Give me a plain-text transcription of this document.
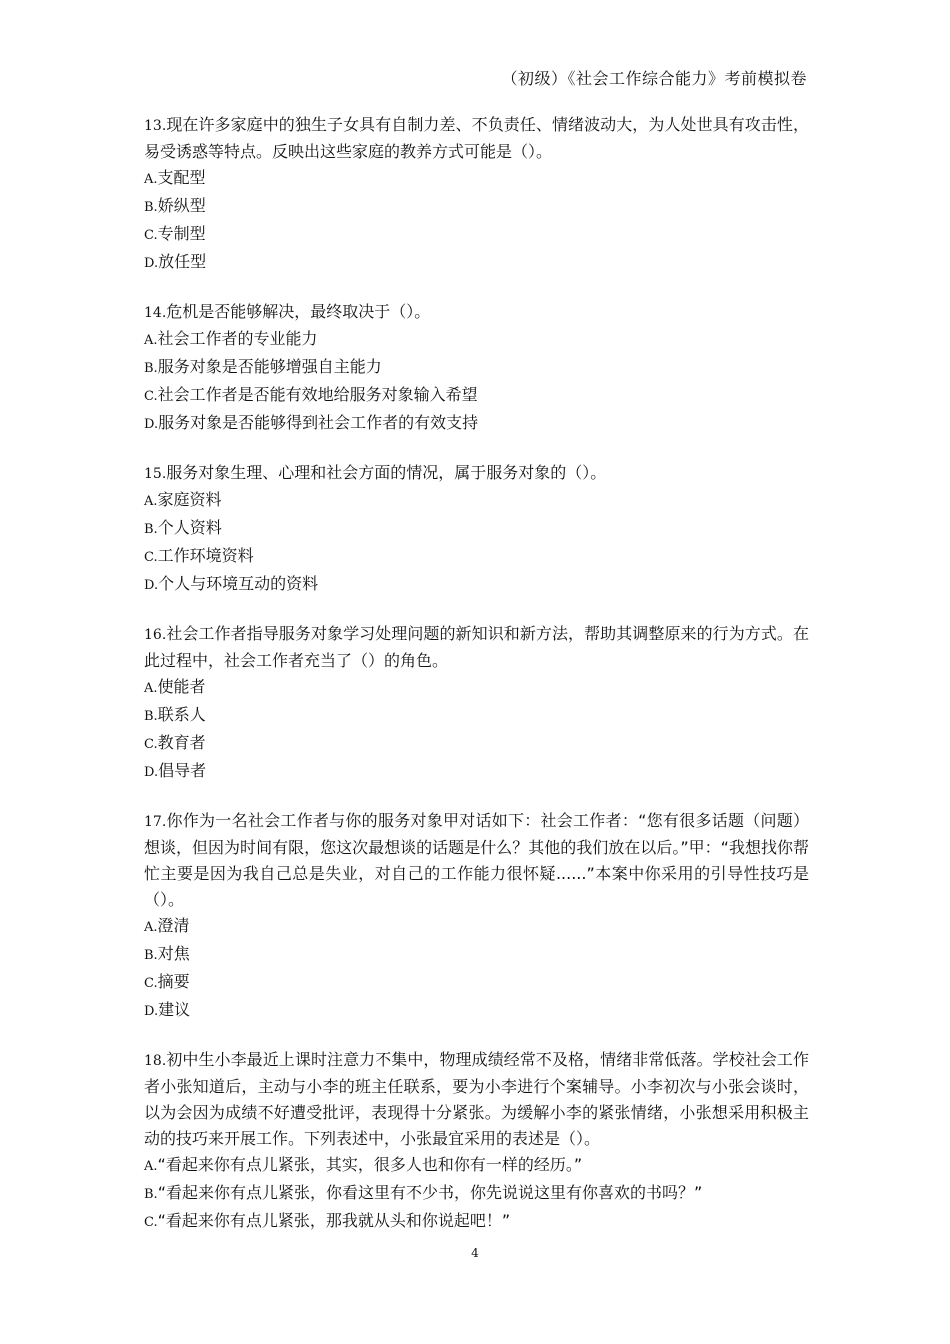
（初级）《社会工作综合能力》考前模拟卷

13.现在许多家庭中的独生子女具有自制力差、不负责任、情绪波动大，为人处世具有攻击性，易受诱惑等特点。反映出这些家庭的教养方式可能是（）。

A.支配型

B.娇纵型

C.专制型

D.放任型

14.危机是否能够解决，最终取决于（）。

A.社会工作者的专业能力

B.服务对象是否能够增强自主能力

C.社会工作者是否能有效地给服务对象输入希望

D.服务对象是否能够得到社会工作者的有效支持

15.服务对象生理、心理和社会方面的情况，属于服务对象的（）。

A.家庭资料

B.个人资料

C.工作环境资料

D.个人与环境互动的资料

16.社会工作者指导服务对象学习处理问题的新知识和新方法，帮助其调整原来的行为方式。在此过程中，社会工作者充当了（）的角色。

A.使能者

B.联系人

C.教育者

D.倡导者

17.你作为一名社会工作者与你的服务对象甲对话如下：社会工作者：“您有很多话题（问题）想谈，但因为时间有限，您这次最想谈的话题是什么？其他的我们放在以后。”甲：“我想找你帮忙主要是因为我自己总是失业，对自己的工作能力很怀疑......”本案中你采用的引导性技巧是（）。

A.澄清

B.对焦

C.摘要

D.建议

18.初中生小李最近上课时注意力不集中，物理成绩经常不及格，情绪非常低落。学校社会工作者小张知道后，主动与小李的班主任联系，要为小李进行个案辅导。小李初次与小张会谈时，以为会因为成绩不好遭受批评，表现得十分紧张。为缓解小李的紧张情绪，小张想采用积极主动的技巧来开展工作。下列表述中，小张最宜采用的表述是（）。

A.“看起来你有点儿紧张，其实，很多人也和你有一样的经历。”

B.“看起来你有点儿紧张，你看这里有不少书，你先说说这里有你喜欢的书吗？”

C.“看起来你有点儿紧张，那我就从头和你说起吧！”

4
